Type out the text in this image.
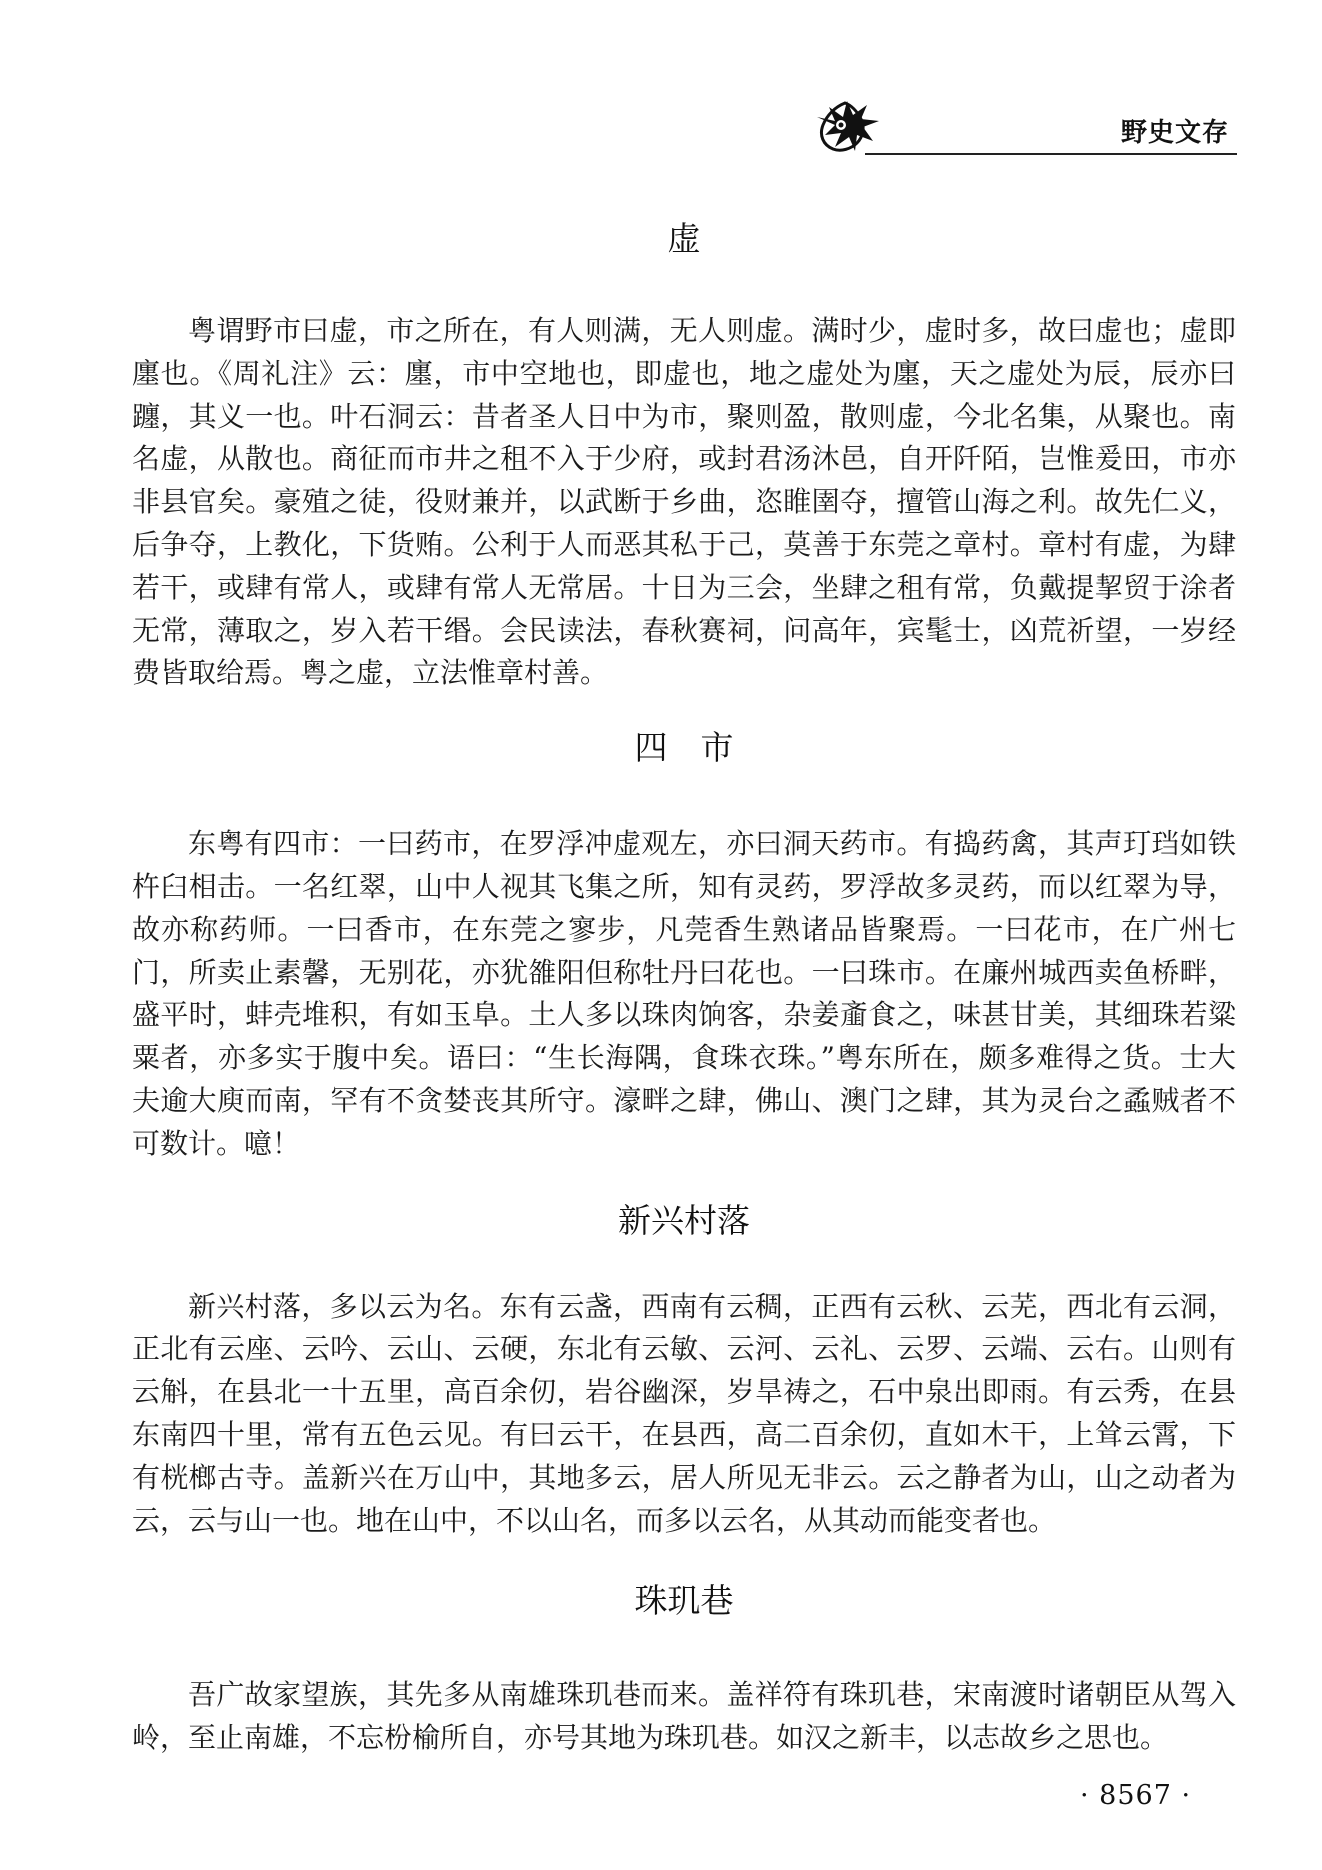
野史文存
虚

粤谓野市曰虚，市之所在，有人则满，无人则虚。满时少，虚时多，故曰虚也；虚即廛也。《周礼注》云：廛，市中空地也，即虚也，地之虚处为廛，天之虚处为辰，辰亦曰躔，其义一也。叶石洞云：昔者圣人日中为市，聚则盈，散则虚，今北名集，从聚也。南名虚，从散也。商征而市井之租不入于少府，或封君汤沐邑，自开阡陌，岂惟爰田，市亦非县官矣。豪殖之徒，役财兼并，以武断于乡曲，恣睢圉夺，擅管山海之利。故先仁义，后争夺，上教化，下货贿。公利于人而恶其私于己，莫善于东莞之章村。章村有虚，为肆若干，或肆有常人，或肆有常人无常居。十日为三会，坐肆之租有常，负戴提挈贸于涂者无常，薄取之，岁入若干缗。会民读法，春秋赛祠，问高年，宾髦士，凶荒祈望，一岁经费皆取给焉。粤之虚，立法惟章村善。

四　市

东粤有四市：一曰药市，在罗浮冲虚观左，亦曰洞天药市。有捣药禽，其声玎珰如铁杵臼相击。一名红翠，山中人视其飞集之所，知有灵药，罗浮故多灵药，而以红翠为导，故亦称药师。一曰香市，在东莞之寥步，凡莞香生熟诸品皆聚焉。一曰花市，在广州七门，所卖止素馨，无别花，亦犹雒阳但称牡丹曰花也。一曰珠市。在廉州城西卖鱼桥畔，盛平时，蚌壳堆积，有如玉阜。土人多以珠肉饷客，杂姜齑食之，味甚甘美，其细珠若粱粟者，亦多实于腹中矣。语曰：“生长海隅，食珠衣珠。”粤东所在，颇多难得之货。士大夫逾大庾而南，罕有不贪婪丧其所守。濠畔之肆，佛山、澳门之肆，其为灵台之蟊贼者不可数计。噫！

新兴村落

新兴村落，多以云为名。东有云盏，西南有云稠，正西有云秋、云芜，西北有云洞，正北有云座、云吟、云山、云硬，东北有云敏、云河、云礼、云罗、云端、云右。山则有云斛，在县北一十五里，高百余仞，岩谷幽深，岁旱祷之，石中泉出即雨。有云秀，在县东南四十里，常有五色云见。有曰云干，在县西，高二百余仞，直如木干，上耸云霄，下有桄榔古寺。盖新兴在万山中，其地多云，居人所见无非云。云之静者为山，山之动者为云，云与山一也。地在山中，不以山名，而多以云名，从其动而能变者也。

珠玑巷

吾广故家望族，其先多从南雄珠玑巷而来。盖祥符有珠玑巷，宋南渡时诸朝臣从驾入岭，至止南雄，不忘枌榆所自，亦号其地为珠玑巷。如汉之新丰，以志故乡之思也。

· 8567 ·
